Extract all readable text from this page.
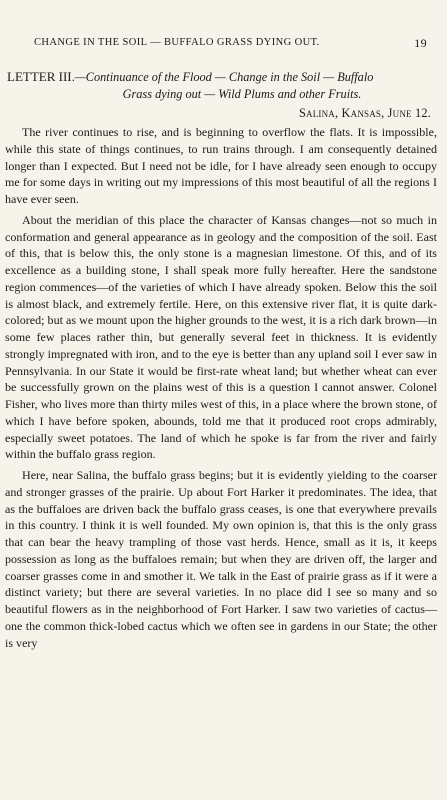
CHANGE IN THE SOIL — BUFFALO GRASS DYING OUT.	19
LETTER III.—Continuance of the Flood — Change in the Soil — Buffalo
Grass dying out — Wild Plums and other Fruits.
Salina, Kansas, June 12.

The river continues to rise, and is beginning to overflow the flats. It is impossible, while this state of things continues, to run trains through. I am consequently detained longer than I expected. But I need not be idle, for I have already seen enough to occupy me for some days in writing out my impressions of this most beautiful of all the regions I have ever seen.

About the meridian of this place the character of Kansas changes—not so much in conformation and general appearance as in geology and the composition of the soil. East of this, that is below this, the only stone is a magnesian limestone. Of this, and of its excellence as a building stone, I shall speak more fully hereafter. Here the sandstone region commences—of the varieties of which I have already spoken. Below this the soil is almost black, and extremely fertile. Here, on this extensive river flat, it is quite dark-colored; but as we mount upon the higher grounds to the west, it is a rich dark brown—in some few places rather thin, but generally several feet in thickness. It is evidently strongly impregnated with iron, and to the eye is better than any upland soil I ever saw in Pennsylvania. In our State it would be first-rate wheat land; but whether wheat can ever be successfully grown on the plains west of this is a question I cannot answer. Colonel Fisher, who lives more than thirty miles west of this, in a place where the brown stone, of which I have before spoken, abounds, told me that it produced root crops admirably, especially sweet potatoes. The land of which he spoke is far from the river and fairly within the buffalo grass region.

Here, near Salina, the buffalo grass begins; but it is evidently yielding to the coarser and stronger grasses of the prairie. Up about Fort Harker it predominates. The idea, that as the buffaloes are driven back the buffalo grass ceases, is one that everywhere prevails in this country. I think it is well founded. My own opinion is, that this is the only grass that can bear the heavy trampling of those vast herds. Hence, small as it is, it keeps possession as long as the buffaloes remain; but when they are driven off, the larger and coarser grasses come in and smother it. We talk in the East of prairie grass as if it were a distinct variety; but there are several varieties. In no place did I see so many and so beautiful flowers as in the neighborhood of Fort Harker. I saw two varieties of cactus—one the common thick-lobed cactus which we often see in gardens in our State; the other is very
